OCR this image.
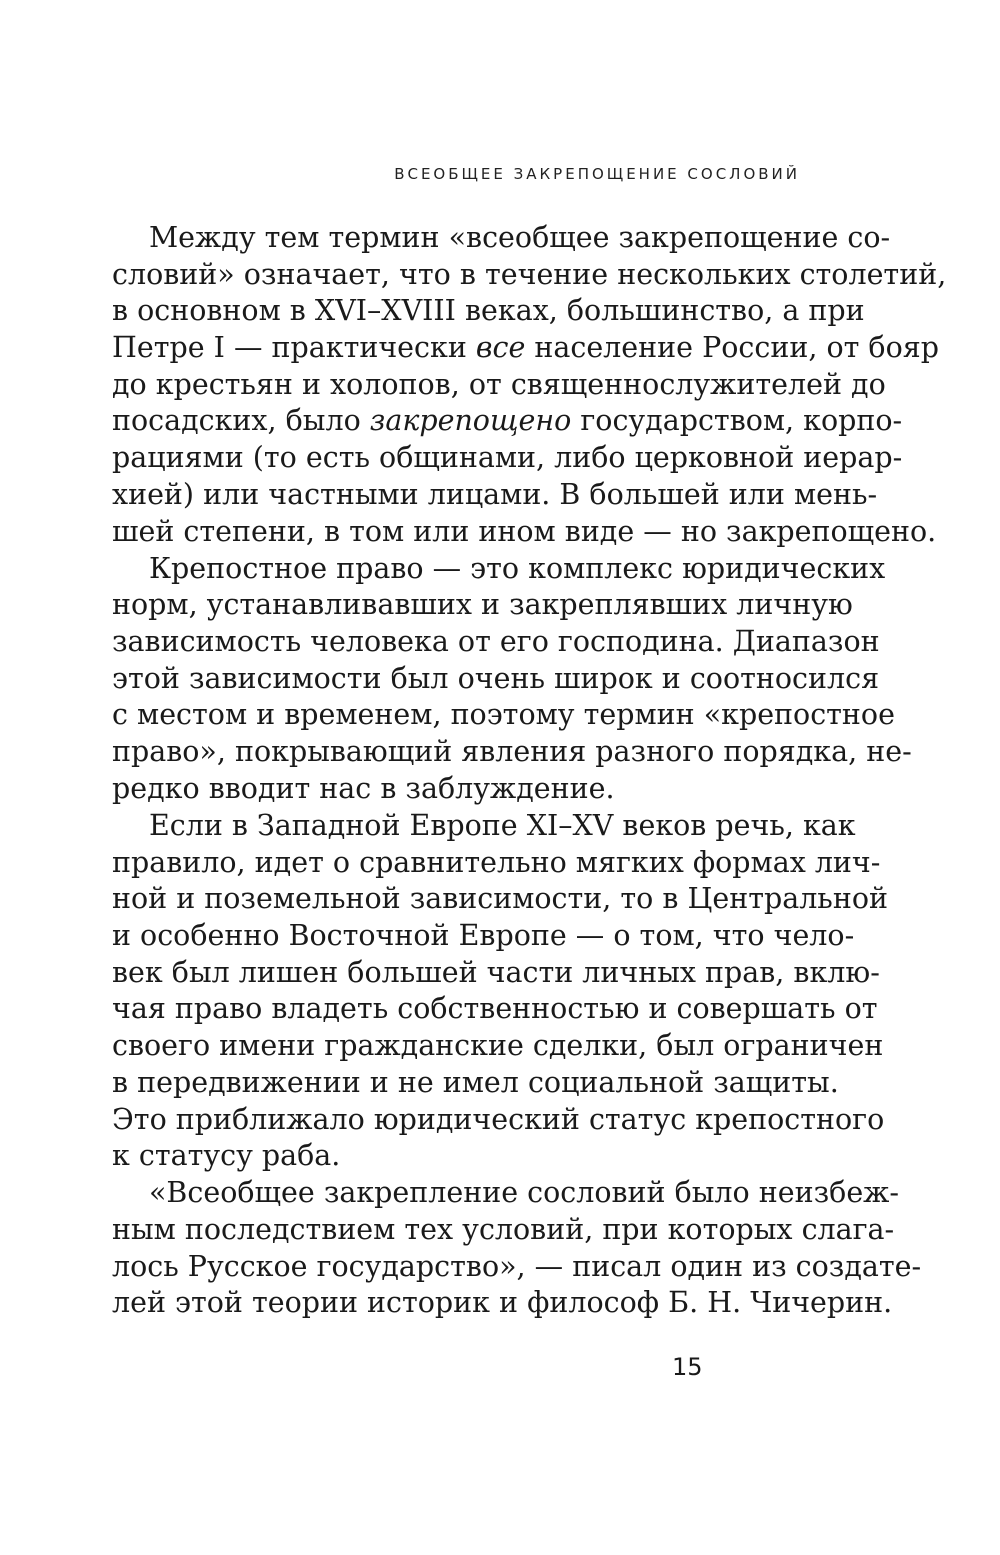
ВСЕОБЩЕЕ ЗАКРЕПОЩЕНИЕ СОСЛОВИЙ
Между тем термин «всеобщее закрепощение со-
словий» означает, что в течение нескольких столетий,
в основном в XVI–XVIII веках, большинство, а при
Петре I — практически все население России, от бояр
до крестьян и холопов, от священнослужителей до
посадских, было закрепощено государством, корпо-
рациями (то есть общинами, либо церковной иерар-
хией) или частными лицами. В большей или мень-
шей степени, в том или ином виде — но закрепощено.
Крепостное право — это комплекс юридических
норм, устанавливавших и закреплявших личную
зависимость человека от его господина. Диапазон
этой зависимости был очень широк и соотносился
с местом и временем, поэтому термин «крепостное
право», покрывающий явления разного порядка, не-
редко вводит нас в заблуждение.
Если в Западной Европе XI–XV веков речь, как
правило, идет о сравнительно мягких формах лич-
ной и поземельной зависимости, то в Центральной
и особенно Восточной Европе — о том, что чело-
век был лишен большей части личных прав, вклю-
чая право владеть собственностью и совершать от
своего имени гражданские сделки, был ограничен
в передвижении и не имел социальной защиты.
Это приближало юридический статус крепостного
к статусу раба.
«Всеобщее закрепление сословий было неизбеж-
ным последствием тех условий, при которых слага-
лось Русское государство», — писал один из создате-
лей этой теории историк и философ Б. Н. Чичерин.
15
